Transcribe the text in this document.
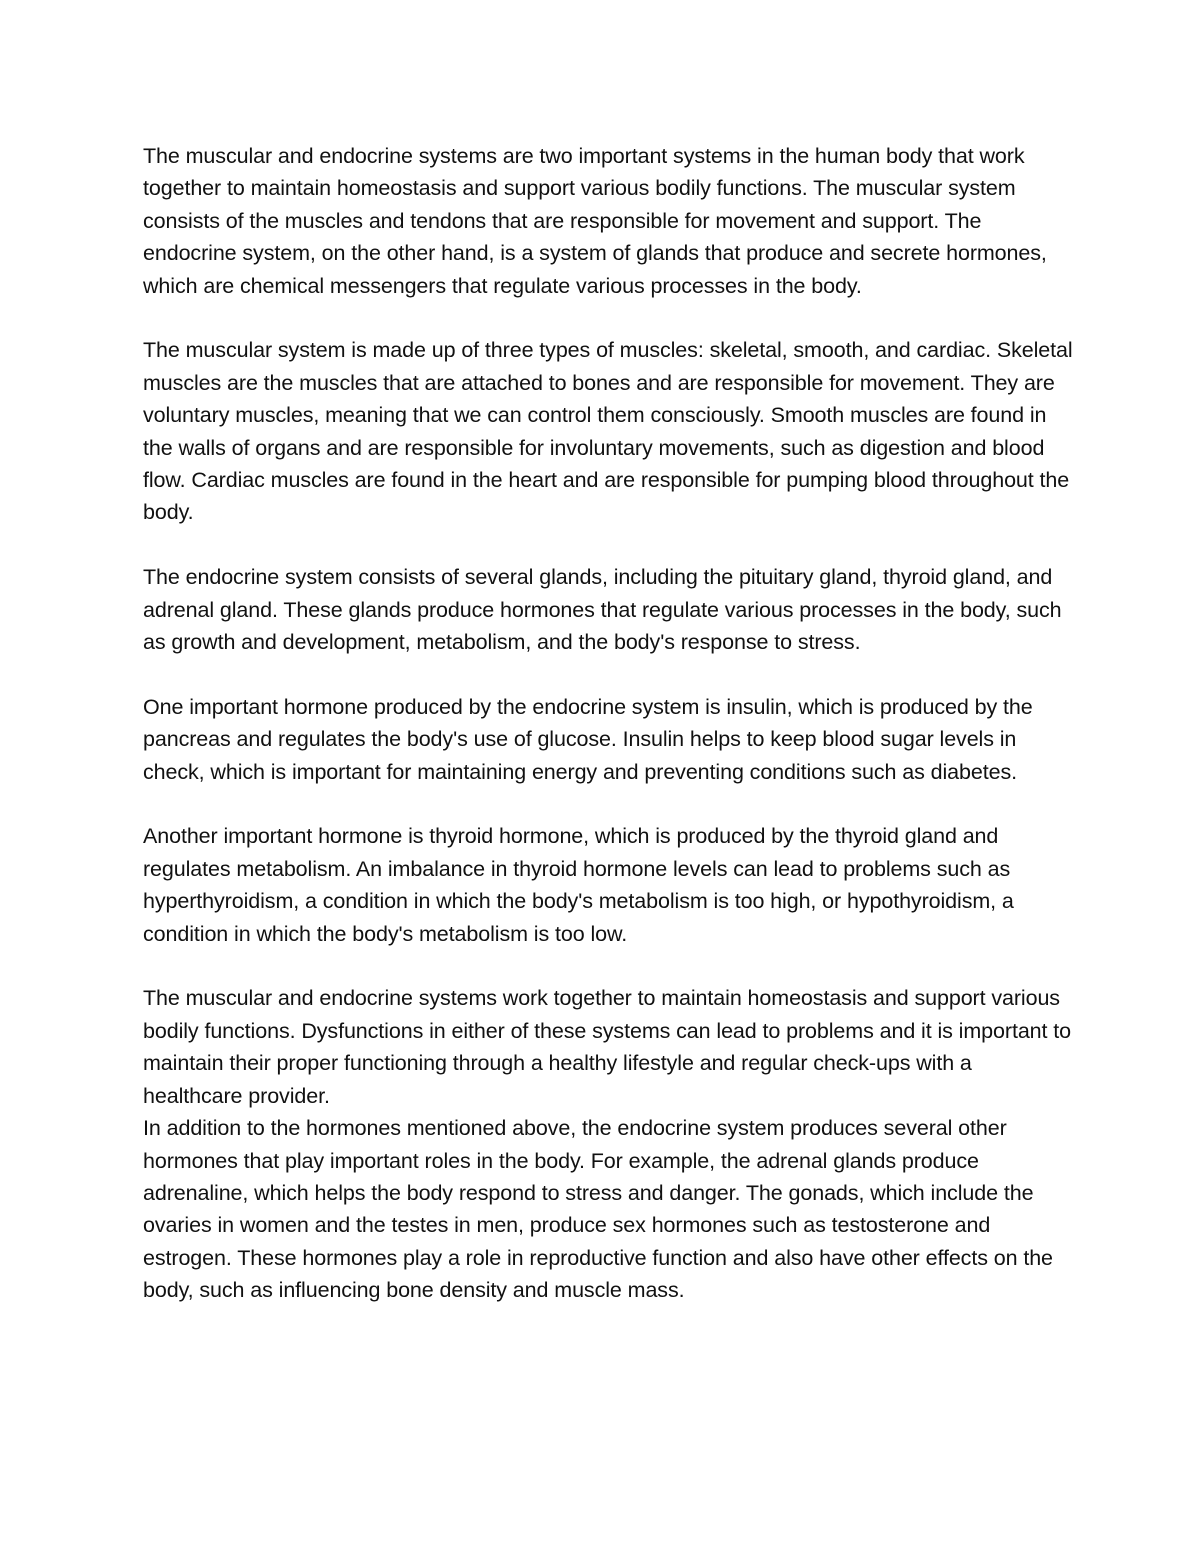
The muscular and endocrine systems are two important systems in the human body that work together to maintain homeostasis and support various bodily functions. The muscular system consists of the muscles and tendons that are responsible for movement and support. The endocrine system, on the other hand, is a system of glands that produce and secrete hormones, which are chemical messengers that regulate various processes in the body.

The muscular system is made up of three types of muscles: skeletal, smooth, and cardiac. Skeletal muscles are the muscles that are attached to bones and are responsible for movement. They are voluntary muscles, meaning that we can control them consciously. Smooth muscles are found in the walls of organs and are responsible for involuntary movements, such as digestion and blood flow. Cardiac muscles are found in the heart and are responsible for pumping blood throughout the body.

The endocrine system consists of several glands, including the pituitary gland, thyroid gland, and adrenal gland. These glands produce hormones that regulate various processes in the body, such as growth and development, metabolism, and the body's response to stress.

One important hormone produced by the endocrine system is insulin, which is produced by the pancreas and regulates the body's use of glucose. Insulin helps to keep blood sugar levels in check, which is important for maintaining energy and preventing conditions such as diabetes.

Another important hormone is thyroid hormone, which is produced by the thyroid gland and regulates metabolism. An imbalance in thyroid hormone levels can lead to problems such as hyperthyroidism, a condition in which the body's metabolism is too high, or hypothyroidism, a condition in which the body's metabolism is too low.

The muscular and endocrine systems work together to maintain homeostasis and support various bodily functions. Dysfunctions in either of these systems can lead to problems and it is important to maintain their proper functioning through a healthy lifestyle and regular check-ups with a healthcare provider.

In addition to the hormones mentioned above, the endocrine system produces several other hormones that play important roles in the body. For example, the adrenal glands produce adrenaline, which helps the body respond to stress and danger. The gonads, which include the ovaries in women and the testes in men, produce sex hormones such as testosterone and estrogen. These hormones play a role in reproductive function and also have other effects on the body, such as influencing bone density and muscle mass.
